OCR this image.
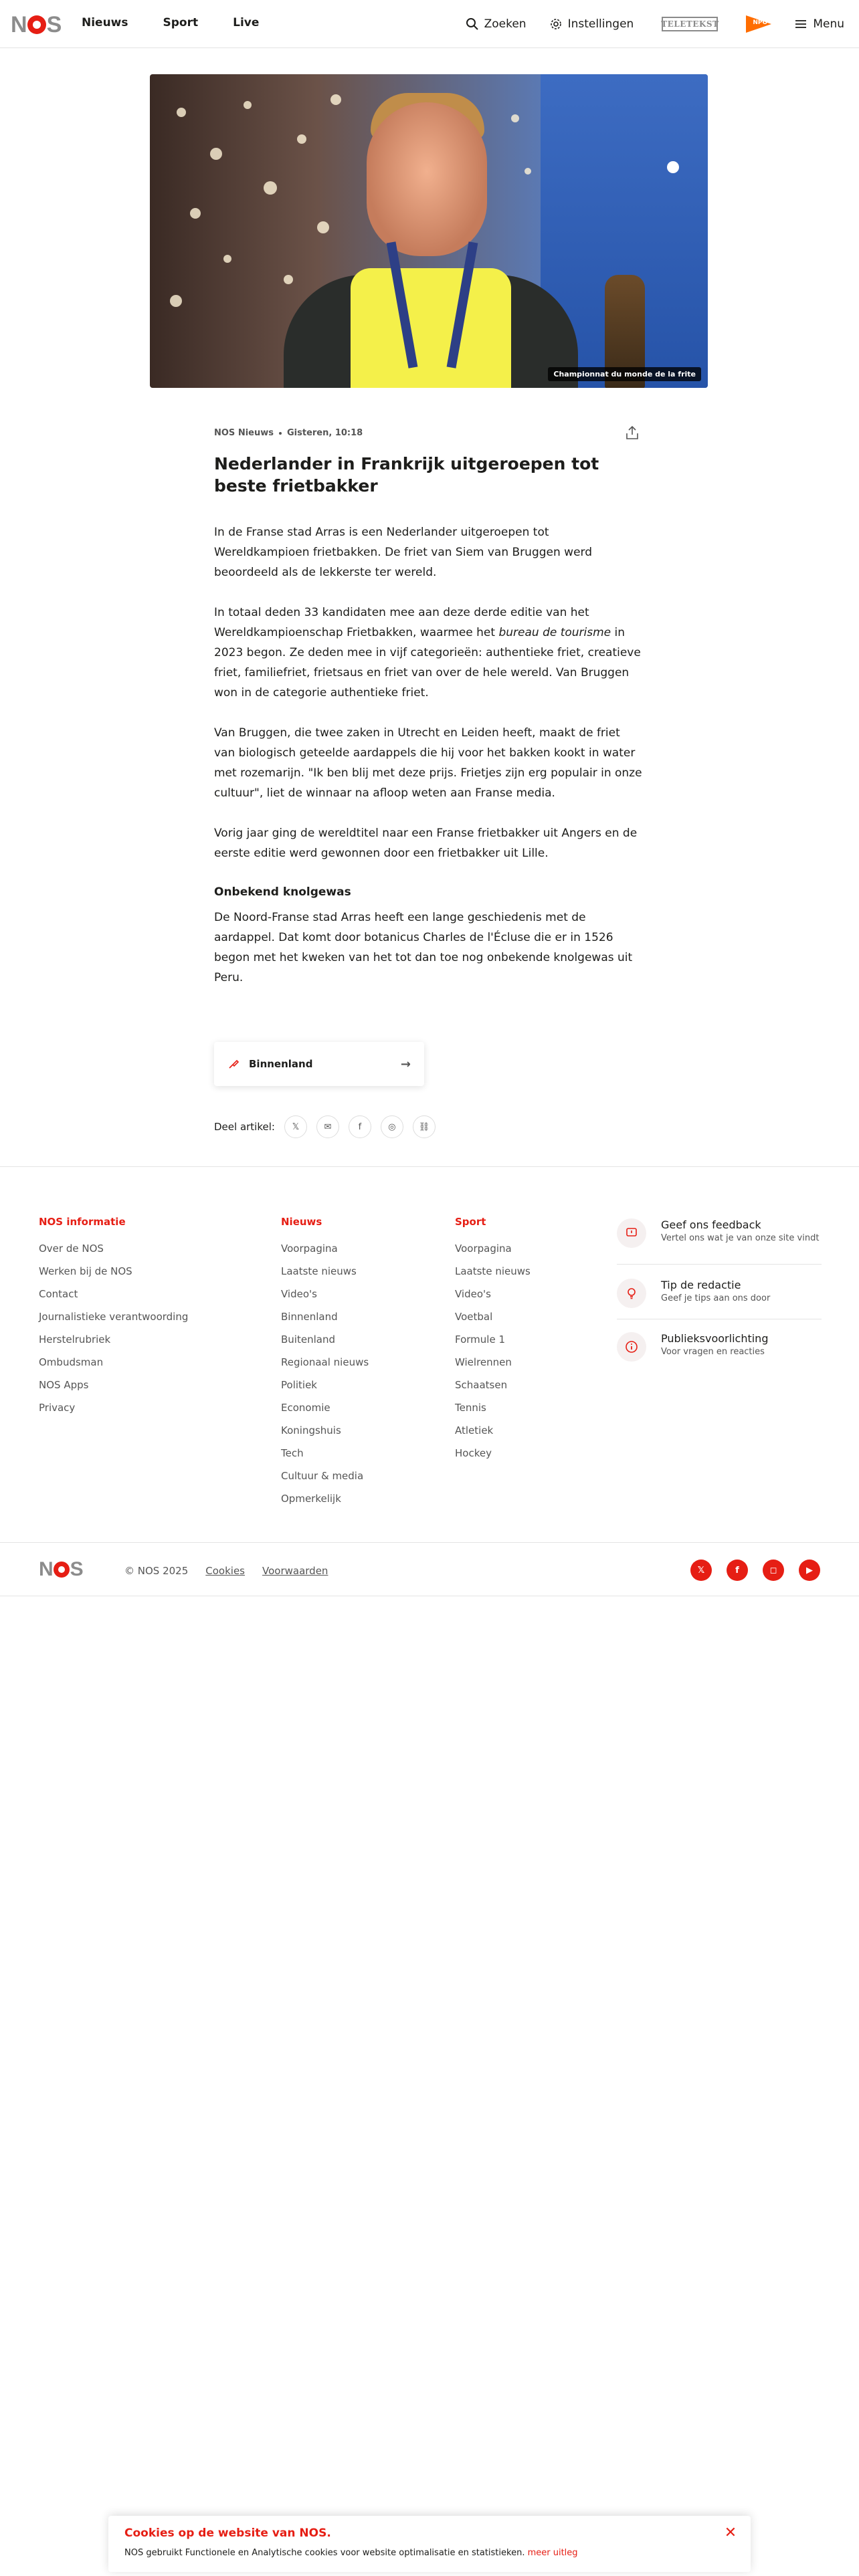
N S Nieuws	Sport	Live	Zoeken	Instellingen	TELETEKST	NPO	Menu
Championnat du monde de la frite
NOS Nieuws Gisteren, 10:18
Nederlander in Frankrijk uitgeroepen tot beste frietbakker

In de Franse stad Arras is een Nederlander uitgeroepen tot Wereldkampioen frietbakken. De friet van Siem van Bruggen werd beoordeeld als de lekkerste ter wereld.

In totaal deden 33 kandidaten mee aan deze derde editie van het Wereldkampioenschap Frietbakken, waarmee het bureau de tourisme in 2023 begon. Ze deden mee in vijf categorieën: authentieke friet, creatieve friet, familiefriet, frietsaus en friet van over de hele wereld. Van Bruggen won in de categorie authentieke friet.

Van Bruggen, die twee zaken in Utrecht en Leiden heeft, maakt de friet van biologisch geteelde aardappels die hij voor het bakken kookt in water met rozemarijn. "Ik ben blij met deze prijs. Frietjes zijn erg populair in onze cultuur", liet de winnaar na afloop weten aan Franse media.

Vorig jaar ging de wereldtitel naar een Franse frietbakker uit Angers en de eerste editie werd gewonnen door een frietbakker uit Lille.

Onbekend knolgewas

De Noord-Franse stad Arras heeft een lange geschiedenis met de aardappel. Dat komt door botanicus Charles de l'Écluse die er in 1526 begon met het kweken van het tot dan toe nog onbekende knolgewas uit Peru.

Binnenland	→
Deel artikel:	𝕏	✉	f	◎	⛓
NOS informatie
Over de NOS
Werken bij de NOS
Contact
Journalistieke verantwoording
Herstelrubriek
Ombudsman
NOS Apps
Privacy
Nieuws
Voorpagina
Laatste nieuws
Video's
Binnenland
Buitenland
Regionaal nieuws
Politiek
Economie
Koningshuis
Tech
Cultuur & media
Opmerkelijk
Sport
Voorpagina
Laatste nieuws
Video's
Voetbal
Formule 1
Wielrennen
Schaatsen
Tennis
Atletiek
Hockey
Geef ons feedback
Vertel ons wat je van onze site vindt
Tip de redactie
Geef je tips aan ons door
Publieksvoorlichting
Voor vragen en reacties
N S	© NOS 2025 Cookies Voorwaarden	𝕏	f	◻	▶
Cookies op de website van NOS.
NOS gebruikt Functionele en Analytische cookies voor website optimalisatie en statistieken. meer uitleg
✕
